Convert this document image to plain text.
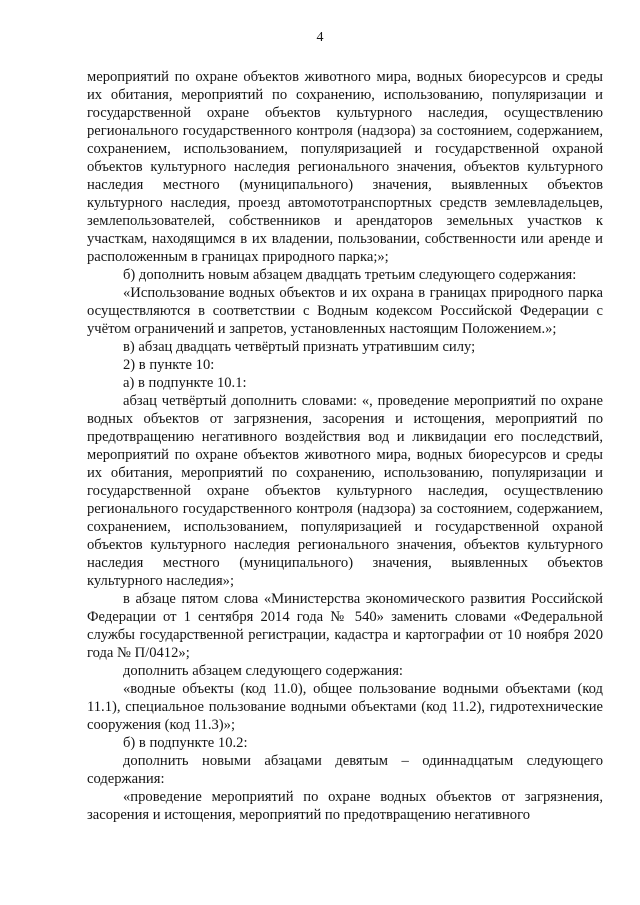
4

мероприятий по охране объектов животного мира, водных биоресурсов и среды их обитания, мероприятий по сохранению, использованию, популяризации и государственной охране объектов культурного наследия, осуществлению регионального государственного контроля (надзора) за состоянием, содержанием, сохранением, использованием, популяризацией и государственной охраной объектов культурного наследия регионального значения, объектов культурного наследия местного (муниципального) значения, выявленных объектов культурного наследия, проезд автомототранспортных средств землевладельцев, землепользователей, собственников и арендаторов земельных участков к участкам, находящимся в их владении, пользовании, собственности или аренде и расположенным в границах природного парка;»;

б) дополнить новым абзацем двадцать третьим следующего содержания:

«Использование водных объектов и их охрана в границах природного парка осуществляются в соответствии с Водным кодексом Российской Федерации с учётом ограничений и запретов, установленных настоящим Положением.»;

в) абзац двадцать четвёртый признать утратившим силу;

2) в пункте 10:

а) в подпункте 10.1:

абзац четвёртый дополнить словами: «, проведение мероприятий по охране водных объектов от загрязнения, засорения и истощения, мероприятий по предотвращению негативного воздействия вод и ликвидации его последствий, мероприятий по охране объектов животного мира, водных биоресурсов и среды их обитания, мероприятий по сохранению, использованию, популяризации и государственной охране объектов культурного наследия, осуществлению регионального государственного контроля (надзора) за состоянием, содержанием, сохранением, использованием, популяризацией и государственной охраной объектов культурного наследия регионального значения, объектов культурного наследия местного (муниципального) значения, выявленных объектов культурного наследия»;

в абзаце пятом слова «Министерства экономического развития Российской Федерации от 1 сентября 2014 года № 540» заменить словами «Федеральной службы государственной регистрации, кадастра и картографии от 10 ноября 2020 года № П/0412»;

дополнить абзацем следующего содержания:

«водные объекты (код 11.0), общее пользование водными объектами (код 11.1), специальное пользование водными объектами (код 11.2), гидротехнические сооружения (код 11.3)»;

б) в подпункте 10.2:

дополнить новыми абзацами девятым – одиннадцатым следующего содержания:

«проведение мероприятий по охране водных объектов от загрязнения, засорения и истощения, мероприятий по предотвращению негативного
